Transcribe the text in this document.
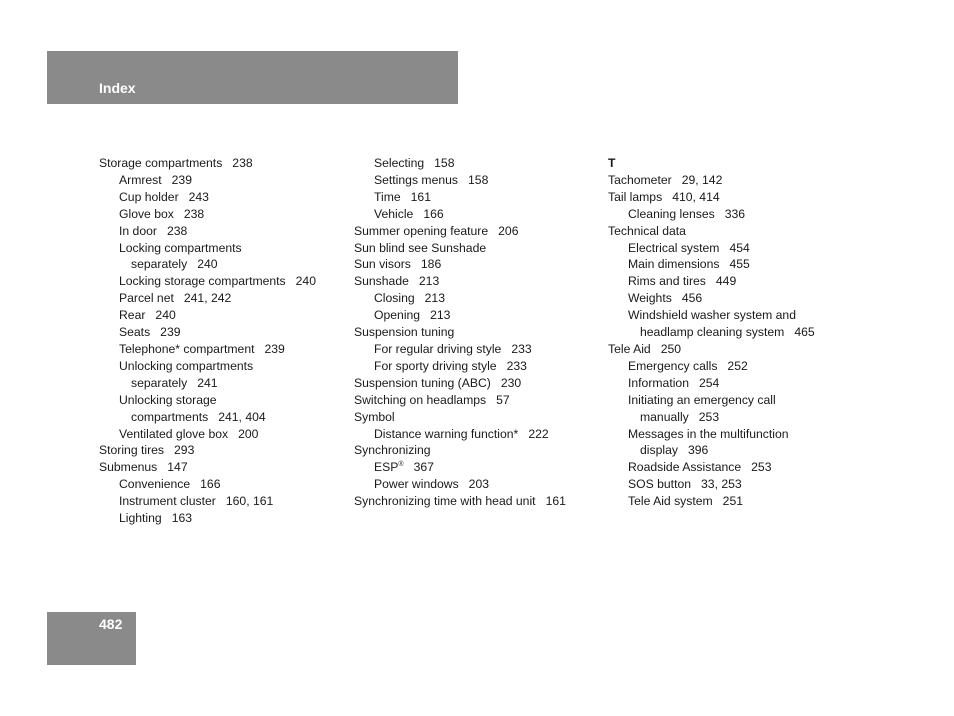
Index
Storage compartments 238
Armrest 239
Cup holder 243
Glove box 238
In door 238
Locking compartments
separately 240
Locking storage compartments 240
Parcel net 241, 242
Rear 240
Seats 239
Telephone* compartment 239
Unlocking compartments
separately 241
Unlocking storage
compartments 241, 404
Ventilated glove box 200
Storing tires 293
Submenus 147
Convenience 166
Instrument cluster 160, 161
Lighting 163
Selecting 158
Settings menus 158
Time 161
Vehicle 166
Summer opening feature 206
Sun blind see Sunshade
Sun visors 186
Sunshade 213
Closing 213
Opening 213
Suspension tuning
For regular driving style 233
For sporty driving style 233
Suspension tuning (ABC) 230
Switching on headlamps 57
Symbol
Distance warning function* 222
Synchronizing
ESP® 367
Power windows 203
Synchronizing time with head unit 161
T
Tachometer 29, 142
Tail lamps 410, 414
Cleaning lenses 336
Technical data
Electrical system 454
Main dimensions 455
Rims and tires 449
Weights 456
Windshield washer system and
headlamp cleaning system 465
Tele Aid 250
Emergency calls 252
Information 254
Initiating an emergency call
manually 253
Messages in the multifunction
display 396
Roadside Assistance 253
SOS button 33, 253
Tele Aid system 251
482
